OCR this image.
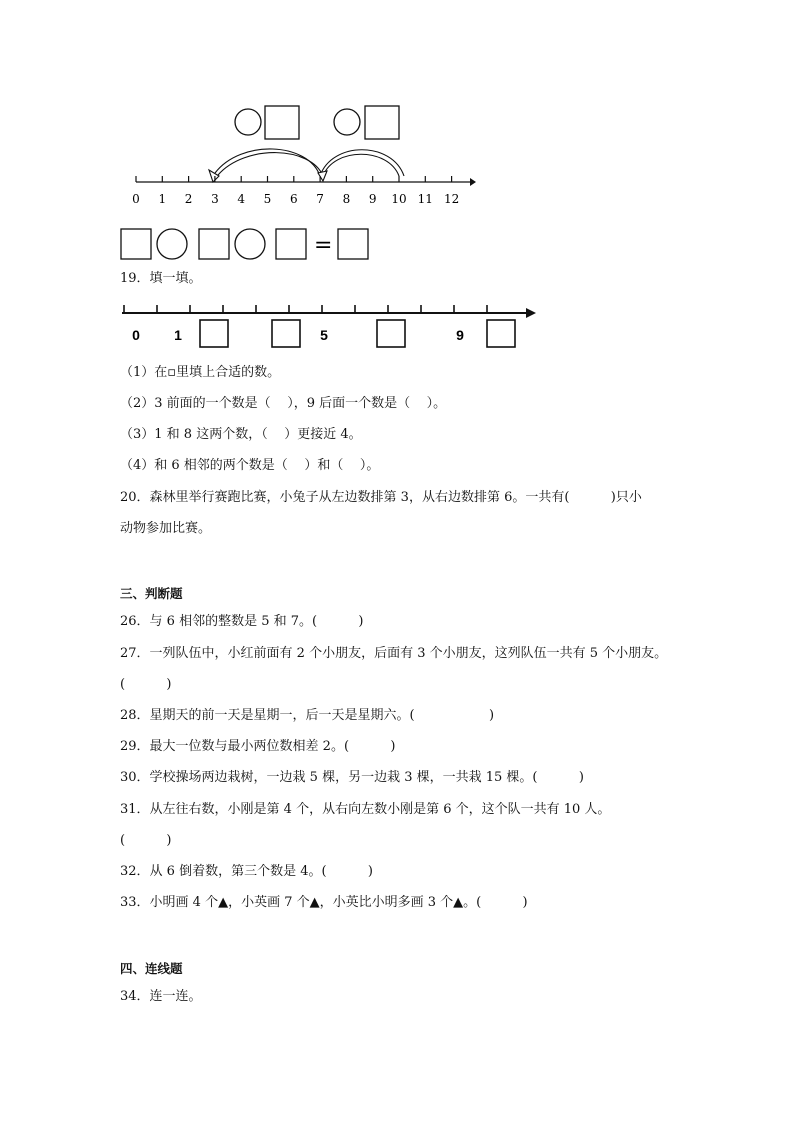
0 1 2 3 4 5 6 7 8 9 10 11 12
=
19．填一填。
0 1	5	9
（1）在▫里填上合适的数。
（2）3 前面的一个数是（    ），9 后面一个数是（    ）。
（3）1 和 8 这两个数，（    ）更接近 4。
（4）和 6 相邻的两个数是（    ）和（    ）。
20．森林里举行赛跑比赛，小兔子从左边数排第 3，从右边数排第 6。一共有(          )只小
动物参加比赛。
三、判断题
26．与 6 相邻的整数是 5 和 7。(          )
27．一列队伍中，小红前面有 2 个小朋友，后面有 3 个小朋友，这列队伍一共有 5 个小朋友。
(          )
28．星期天的前一天是星期一，后一天是星期六。(                  )
29．最大一位数与最小两位数相差 2。(          )
30．学校操场两边栽树，一边栽 5 棵，另一边栽 3 棵，一共栽 15 棵。(          )
31．从左往右数，小刚是第 4 个，从右向左数小刚是第 6 个，这个队一共有 10 人。
(          )
32．从 6 倒着数，第三个数是 4。(          )
33．小明画 4 个▲，小英画 7 个▲，小英比小明多画 3 个▲。(          )
四、连线题
34．连一连。
